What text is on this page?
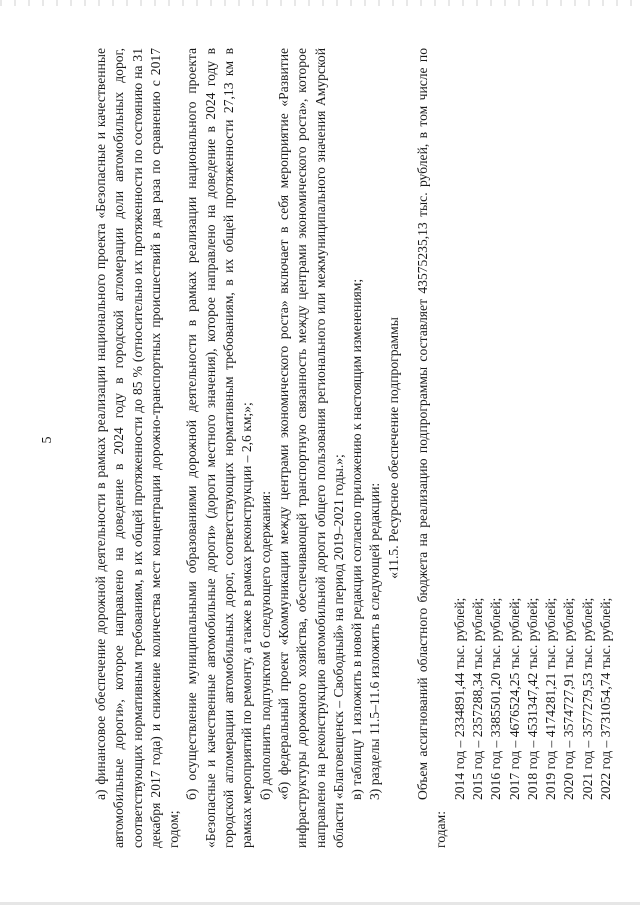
5	а) финансовое обеспечение дорожной деятельности в рамках реализации национального проекта «Безопасные и качественные автомобильные дороги», которое направлено на доведение в 2024 году в городской агломерации доли автомобильных дорог, соответствующих нормативным требованиям, в их общей протяженности до 85 % (относительно их протяженности по состоянию на 31 декабря 2017 года) и снижение количества мест концентрации дорожно-транспортных происшествий в два раза по сравнению с 2017 годом;

б) осуществление муниципальными образованиями дорожной деятельности в рамках реализации национального проекта «Безопасные и качественные автомобильные дороги» (дороги местного значения), которое направлено на доведение в 2024 году в городской агломерации автомобильных дорог, соответствующих нормативным требованиям, в их общей протяженности 27,13 км в рамках мероприятий по ремонту, а также в рамках реконструкции – 2,6 км;»; б) дополнить подпунктом б следующего содержания: «б) федеральный проект «Коммуникации между центрами экономического роста» включает в себя мероприятие «Развитие инфраструктуры дорожного хозяйства, обеспечивающей транспортную связанность между центрами экономического роста», которое направлено на реконструкцию автомобильной дороги общего пользования регионального или межмуниципального значения Амурской области «Благовещенск – Свободный» на период 2019–2021 годы.»; в) таблицу 1 изложить в новой редакции согласно приложению к настоящим изменениям; 3) разделы 11.5–11.6 изложить в следующей редакции:

«11.5. Ресурсное обеспечение подпрограммы Объем ассигнований областного бюджета на реализацию подпрограммы составляет 43575235,13 тыс. рублей, в том числе по годам:

2014 год – 2334891,44 тыс. рублей; 2015 год – 2357288,34 тыс. рублей; 2016 год – 3385501,20 тыс. рублей; 2017 год – 4676524,25 тыс. рублей; 2018 год – 4531347,42 тыс. рублей; 2019 год – 4174281,21 тыс. рублей; 2020 год – 3574727,91 тыс. рублей; 2021 год – 3577279,53 тыс. рублей; 2022 год – 3731054,74 тыс. рублей;
